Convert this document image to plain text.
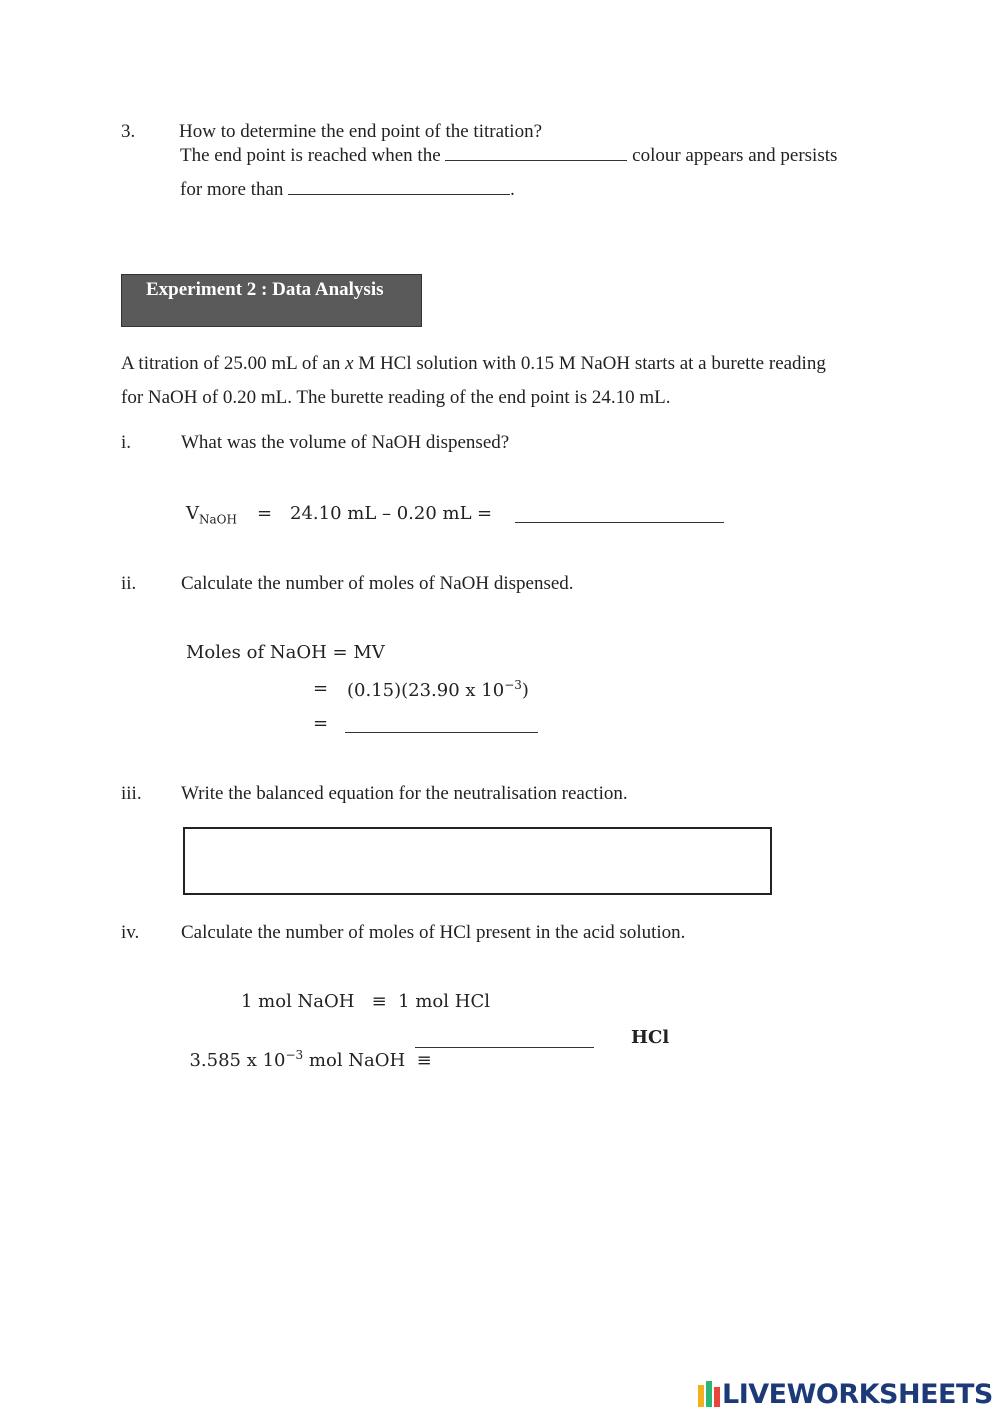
3. How to determine the end point of the titration?
The end point is reached when the	colour appears and persists
for more than	.
Experiment 2 : Data Analysis
A titration of 25.00 mL of an x M HCl solution with 0.15 M NaOH starts at a burette reading
for NaOH of 0.20 mL. The burette reading of the end point is 24.10 mL.
i.	What was the volume of NaOH dispensed?
$V_{NaOH} = 24.10$ mL – 0.20 mL =
ii. Calculate the number of moles of NaOH dispensed.
Moles of NaOH = MV
= (0.15)(23.90 x $10^{-3}$)
=
iii. Write the balanced equation for the neutralisation reaction.
iv. Calculate the number of moles of HCl present in the acid solution.
1 mol NaOH   ≡  1 mol HCl

3.585 x $10^{-3}$ mol NaOH  ≡

HCl
LIVEWORKSHEETS
